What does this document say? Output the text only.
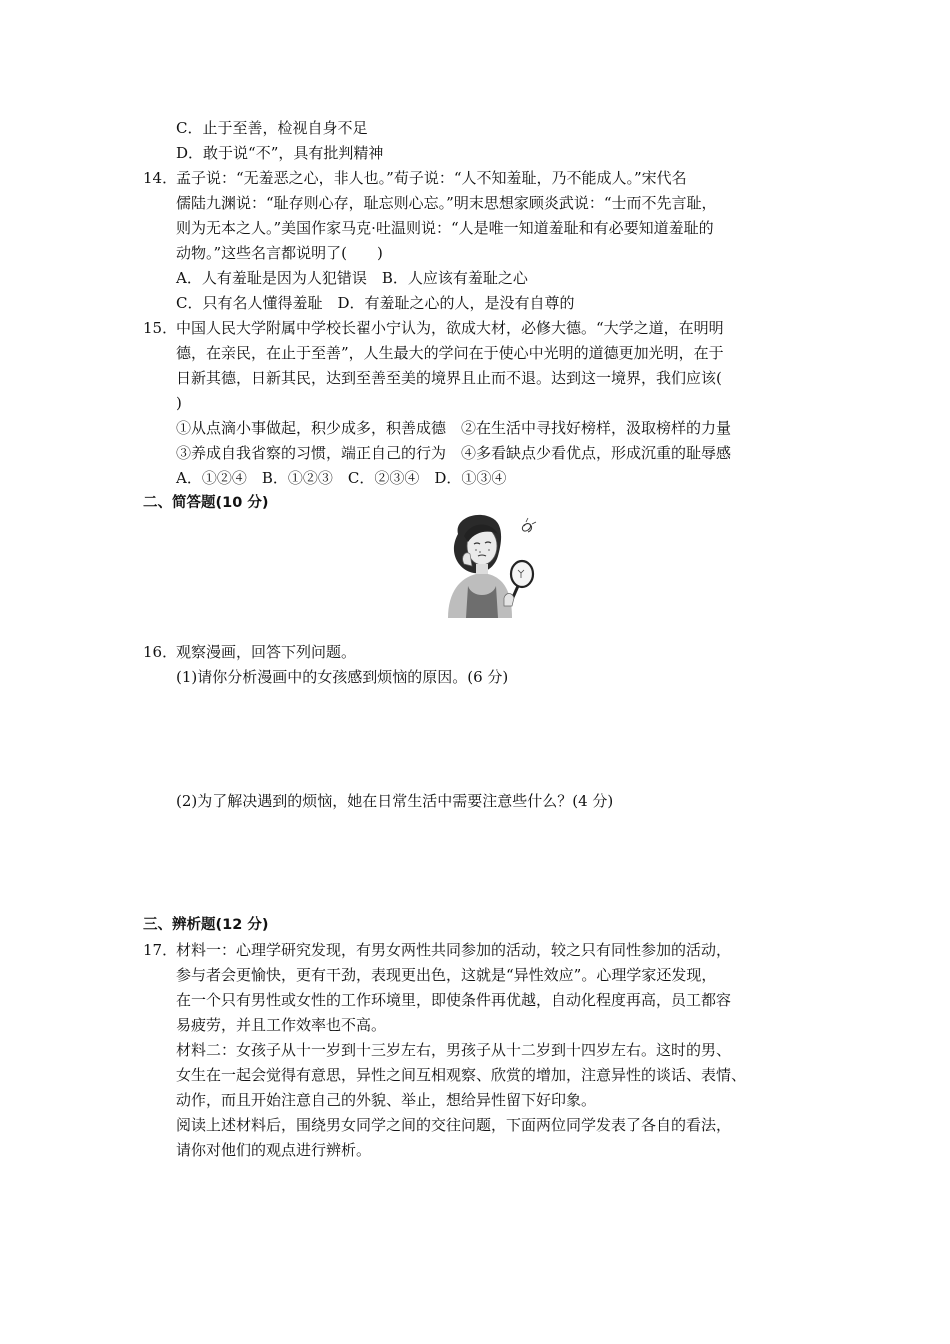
C．止于至善，检视自身不足
D．敢于说“不”，具有批判精神
14．
孟子说：“无羞恶之心，非人也。”荀子说：“人不知羞耻，乃不能成人。”宋代名
儒陆九渊说：“耻存则心存，耻忘则心忘。”明末思想家顾炎武说：“士而不先言耻，
则为无本之人。”美国作家马克·吐温则说：“人是唯一知道羞耻和有必要知道羞耻的
动物。”这些名言都说明了(　　)
A．人有羞耻是因为人犯错误　B．人应该有羞耻之心
C．只有名人懂得羞耻　D．有羞耻之心的人，是没有自尊的
15．
中国人民大学附属中学校长翟小宁认为，欲成大材，必修大德。“大学之道，在明明
德，在亲民，在止于至善”，人生最大的学问在于使心中光明的道德更加光明，在于
日新其德，日新其民，达到至善至美的境界且止而不退。达到这一境界，我们应该(
)
①从点滴小事做起，积少成多，积善成德　②在生活中寻找好榜样，汲取榜样的力量
③养成自我省察的习惯，端正自己的行为　④多看缺点少看优点，形成沉重的耻辱感
A．①②④　B．①②③　C．②③④　D．①③④
二、简答题(10 分)
16．
观察漫画，回答下列问题。
(1)请你分析漫画中的女孩感到烦恼的原因。(6 分)
(2)为了解决遇到的烦恼，她在日常生活中需要注意些什么？(4 分)
三、辨析题(12 分)
17．
材料一：心理学研究发现，有男女两性共同参加的活动，较之只有同性参加的活动，
参与者会更愉快，更有干劲，表现更出色，这就是“异性效应”。心理学家还发现，
在一个只有男性或女性的工作环境里，即使条件再优越，自动化程度再高，员工都容
易疲劳，并且工作效率也不高。
材料二：女孩子从十一岁到十三岁左右，男孩子从十二岁到十四岁左右。这时的男、
女生在一起会觉得有意思，异性之间互相观察、欣赏的增加，注意异性的谈话、表情、
动作，而且开始注意自己的外貌、举止，想给异性留下好印象。
阅读上述材料后，围绕男女同学之间的交往问题，下面两位同学发表了各自的看法，
请你对他们的观点进行辨析。
